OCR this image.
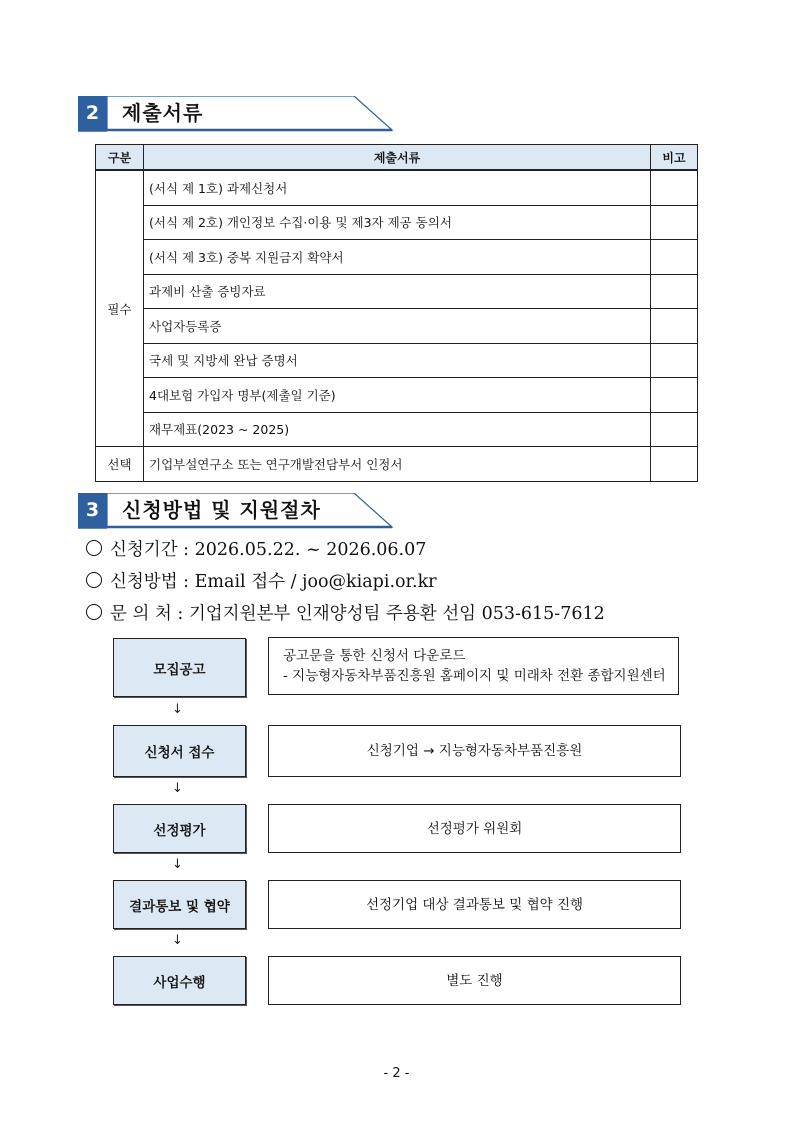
2	제출서류
구분	제출서류	비고
필수	(서식 제 1호) 과제신청서	
	(서식 제 2호) 개인정보 수집·이용 및 제3자 제공 동의서	
	(서식 제 3호) 중복 지원금지 확약서	
	과제비 산출 증빙자료	
	사업자등록증	
	국세 및 지방세 완납 증명서	
	4대보험 가입자 명부(제출일 기준)	
	재무제표(2023 ~ 2025)	
선택	기업부설연구소 또는 연구개발전담부서 인정서	
3	신청방법 및 지원절차
신청기간 : 2026.05.22. ~ 2026.06.07
신청방법 : Email 접수 / joo@kiapi.or.kr
문 의 처 : 기업지원본부 인재양성팀 주용환 선임 053-615-7612
모집공고
공고문을 통한 신청서 다운로드
- 지능형자동차부품진흥원 홈페이지 및 미래차 전환 종합지원센터
↓
신청서 접수	신청기업 → 지능형자동차부품진흥원
↓
선정평가	선정평가 위원회
↓
결과통보 및 협약	선정기업 대상 결과통보 및 협약 진행
↓
사업수행	별도 진행
- 2 -
